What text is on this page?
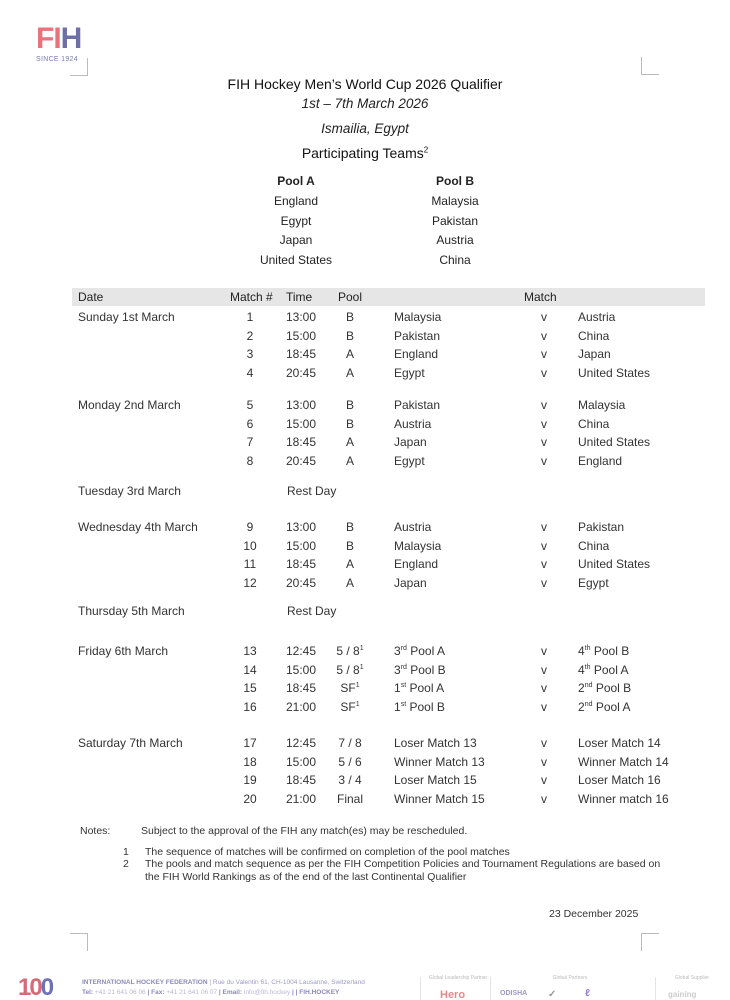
FIH
SINCE 1924
FIH Hockey Men’s World Cup 2026 Qualifier
1st – 7th March 2026
Ismailia, Egypt
Participating Teams$^2$
Pool A
England
Egypt
Japan
United States
Pool B
Malaysia
Pakistan
Austria
China
Date	Match # Time Pool	Match
Sunday 1st March	1	13:00	B	Malaysia	v	Austria
2	15:00	B	Pakistan	v	China
3	18:45	A	England	v	Japan
4	20:45	A	Egypt	v	United States
Monday 2nd March	5	13:00	B	Pakistan	v	Malaysia
6	15:00	B	Austria	v	China
7	18:45	A	Japan	v	United States
8	20:45	A	Egypt	v	England
Tuesday 3rd March	Rest Day
Wednesday 4th March	9	13:00	B	Austria	v	Pakistan
10	15:00	B	Malaysia	v	China
11	18:45	A	England	v	United States
12	20:45	A	Japan	v	Egypt
Thursday 5th March	Rest Day
Friday 6th March	13	12:45	$5 / 8^1$	3rd Pool A	v	4th Pool B
14	15:00	$5 / 8^1$	3rd Pool B	v	4th Pool A
15	18:45	$SF^1$	1st Pool A	v	2nd Pool B
16	21:00	$SF^1$	1st Pool B	v	2nd Pool A
Saturday 7th March	17	12:45	7 / 8	Loser Match 13	v	Loser Match 14
18	15:00	5 / 6	Winner Match 13	v	Winner Match 14
19	18:45	3 / 4	Loser Match 15	v	Loser Match 16
20	21:00	Final	Winner Match 15	v	Winner match 16
Notes:	Subject to the approval of the FIH any match(es) may be rescheduled.
1 The sequence of matches will be confirmed on completion of the pool matches
2 The pools and match sequence as per the FIH Competition Policies and Tournament Regulations are based on the FIH World Rankings as of the end of the last Continental Qualifier
23 December 2025
100	INTERNATIONAL HOCKEY FEDERATION | Rue du Valentin 61, CH-1004 Lausanne, Switzerland
Tel: +41 21 641 06 06 | Fax: +41 21 641 06 07 | Email: info@fih.hockey | | FIH.HOCKEY
Global Leadership Partner
Hero
Global Partners
ODISHA ✓	ℓ
Global Supplier
gaining
